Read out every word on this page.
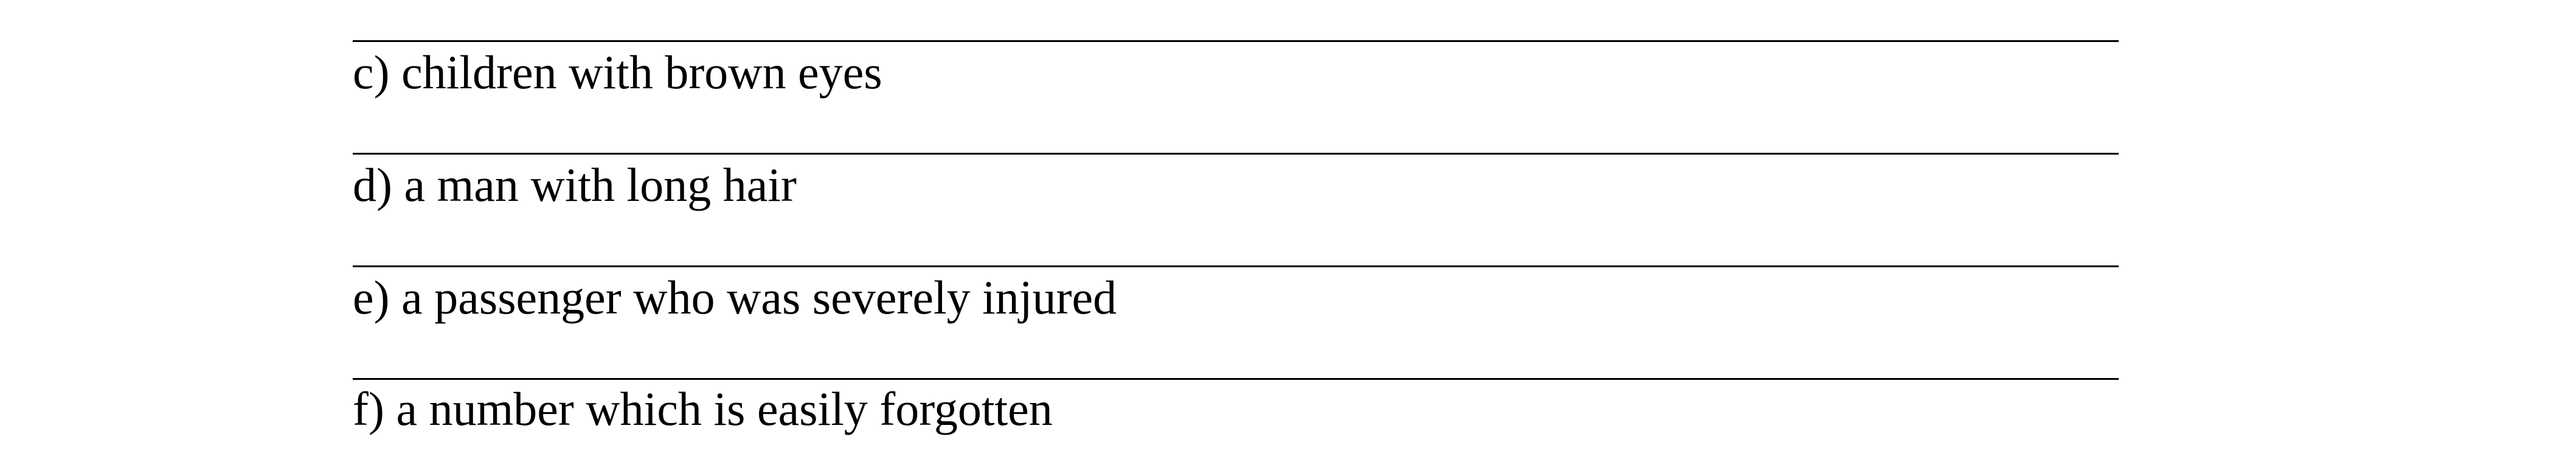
c) children with brown eyes
d) a man with long hair
e) a passenger who was severely injured
f) a number which is easily forgotten
